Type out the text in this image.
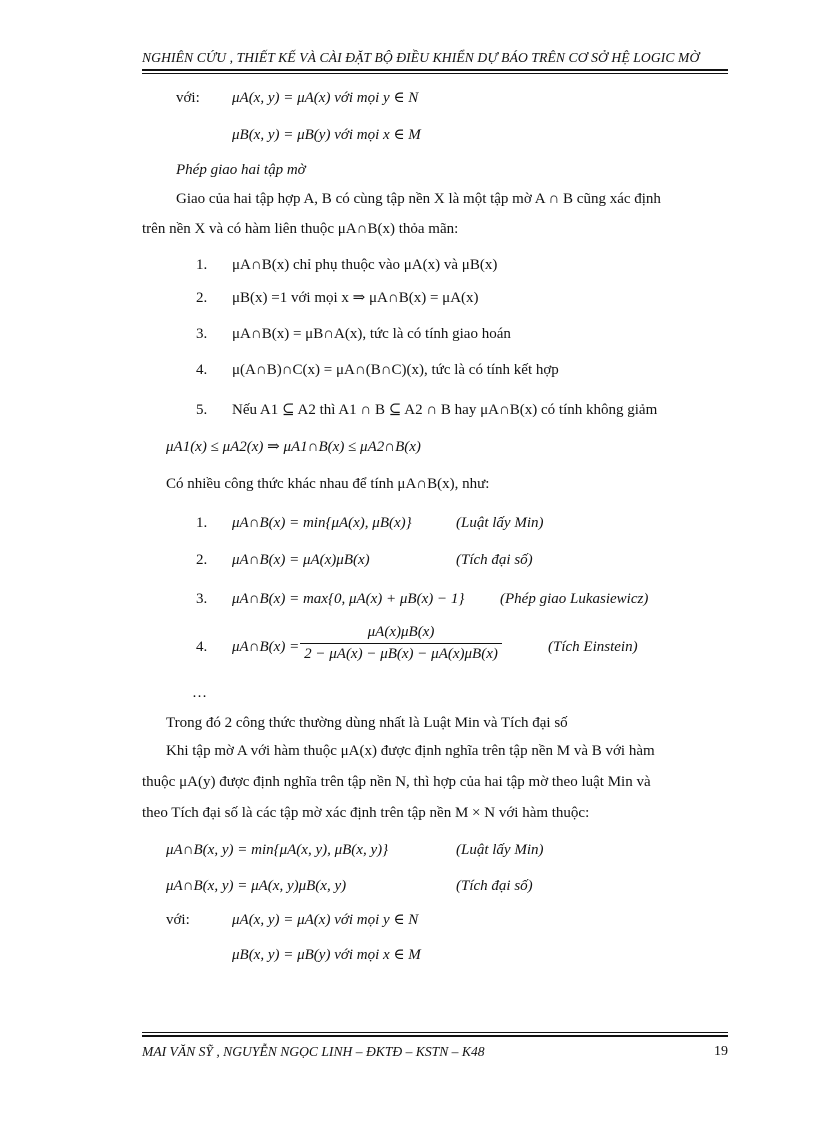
NGHIÊN CỨU , THIẾT KẾ VÀ CÀI ĐẶT BỘ ĐIỀU KHIỂN DỰ BÁO TRÊN CƠ SỞ HỆ LOGIC MỜ
với: μA(x, y) = μA(x) với mọi y ∈ N
μB(x, y) = μB(y) với mọi x ∈ M
Phép giao hai tập mờ
Giao của hai tập hợp A, B có cùng tập nền X là một tập mờ A ∩ B cũng xác định
trên nền X và có hàm liên thuộc μA∩B(x) thỏa mãn:
1. μA∩B(x) chỉ phụ thuộc vào μA(x) và μB(x)
2. μB(x) =1 với mọi x ⇒ μA∩B(x) = μA(x)
3. μA∩B(x) = μB∩A(x), tức là có tính giao hoán
4. μ(A∩B)∩C(x) = μA∩(B∩C)(x), tức là có tính kết hợp
5. Nếu A1 ⊆ A2 thì A1 ∩ B ⊆ A2 ∩ B hay μA∩B(x) có tính không giảm
μA1(x) ≤ μA2(x) ⇒ μA1∩B(x) ≤ μA2∩B(x)
Có nhiều công thức khác nhau để tính μA∩B(x), như:
1. μA∩B(x) = min{μA(x), μB(x)}	(Luật lấy Min)
2. μA∩B(x) = μA(x)μB(x)	(Tích đại số)
3. μA∩B(x) = max{0, μA(x) + μB(x) − 1} (Phép giao Lukasiewicz)
4. μA∩B(x) =
μA(x)μB(x)
2 − μA(x) − μB(x) − μA(x)μB(x)	(Tích Einstein)
…
Trong đó 2 công thức thường dùng nhất là Luật Min và Tích đại số
Khi tập mờ A với hàm thuộc μA(x) được định nghĩa trên tập nền M và B với hàm
thuộc μA(y) được định nghĩa trên tập nền N, thì hợp của hai tập mờ theo luật Min và
theo Tích đại số là các tập mờ xác định trên tập nền M × N với hàm thuộc:
μA∩B(x, y) = min{μA(x, y), μB(x, y)}	(Luật lấy Min)
μA∩B(x, y) = μA(x, y)μB(x, y)	(Tích đại số)
với:	μA(x, y) = μA(x) với mọi y ∈ N
μB(x, y) = μB(y) với mọi x ∈ M
MAI VĂN SỸ , NGUYỄN NGỌC LINH – ĐKTĐ – KSTN – K48	19
